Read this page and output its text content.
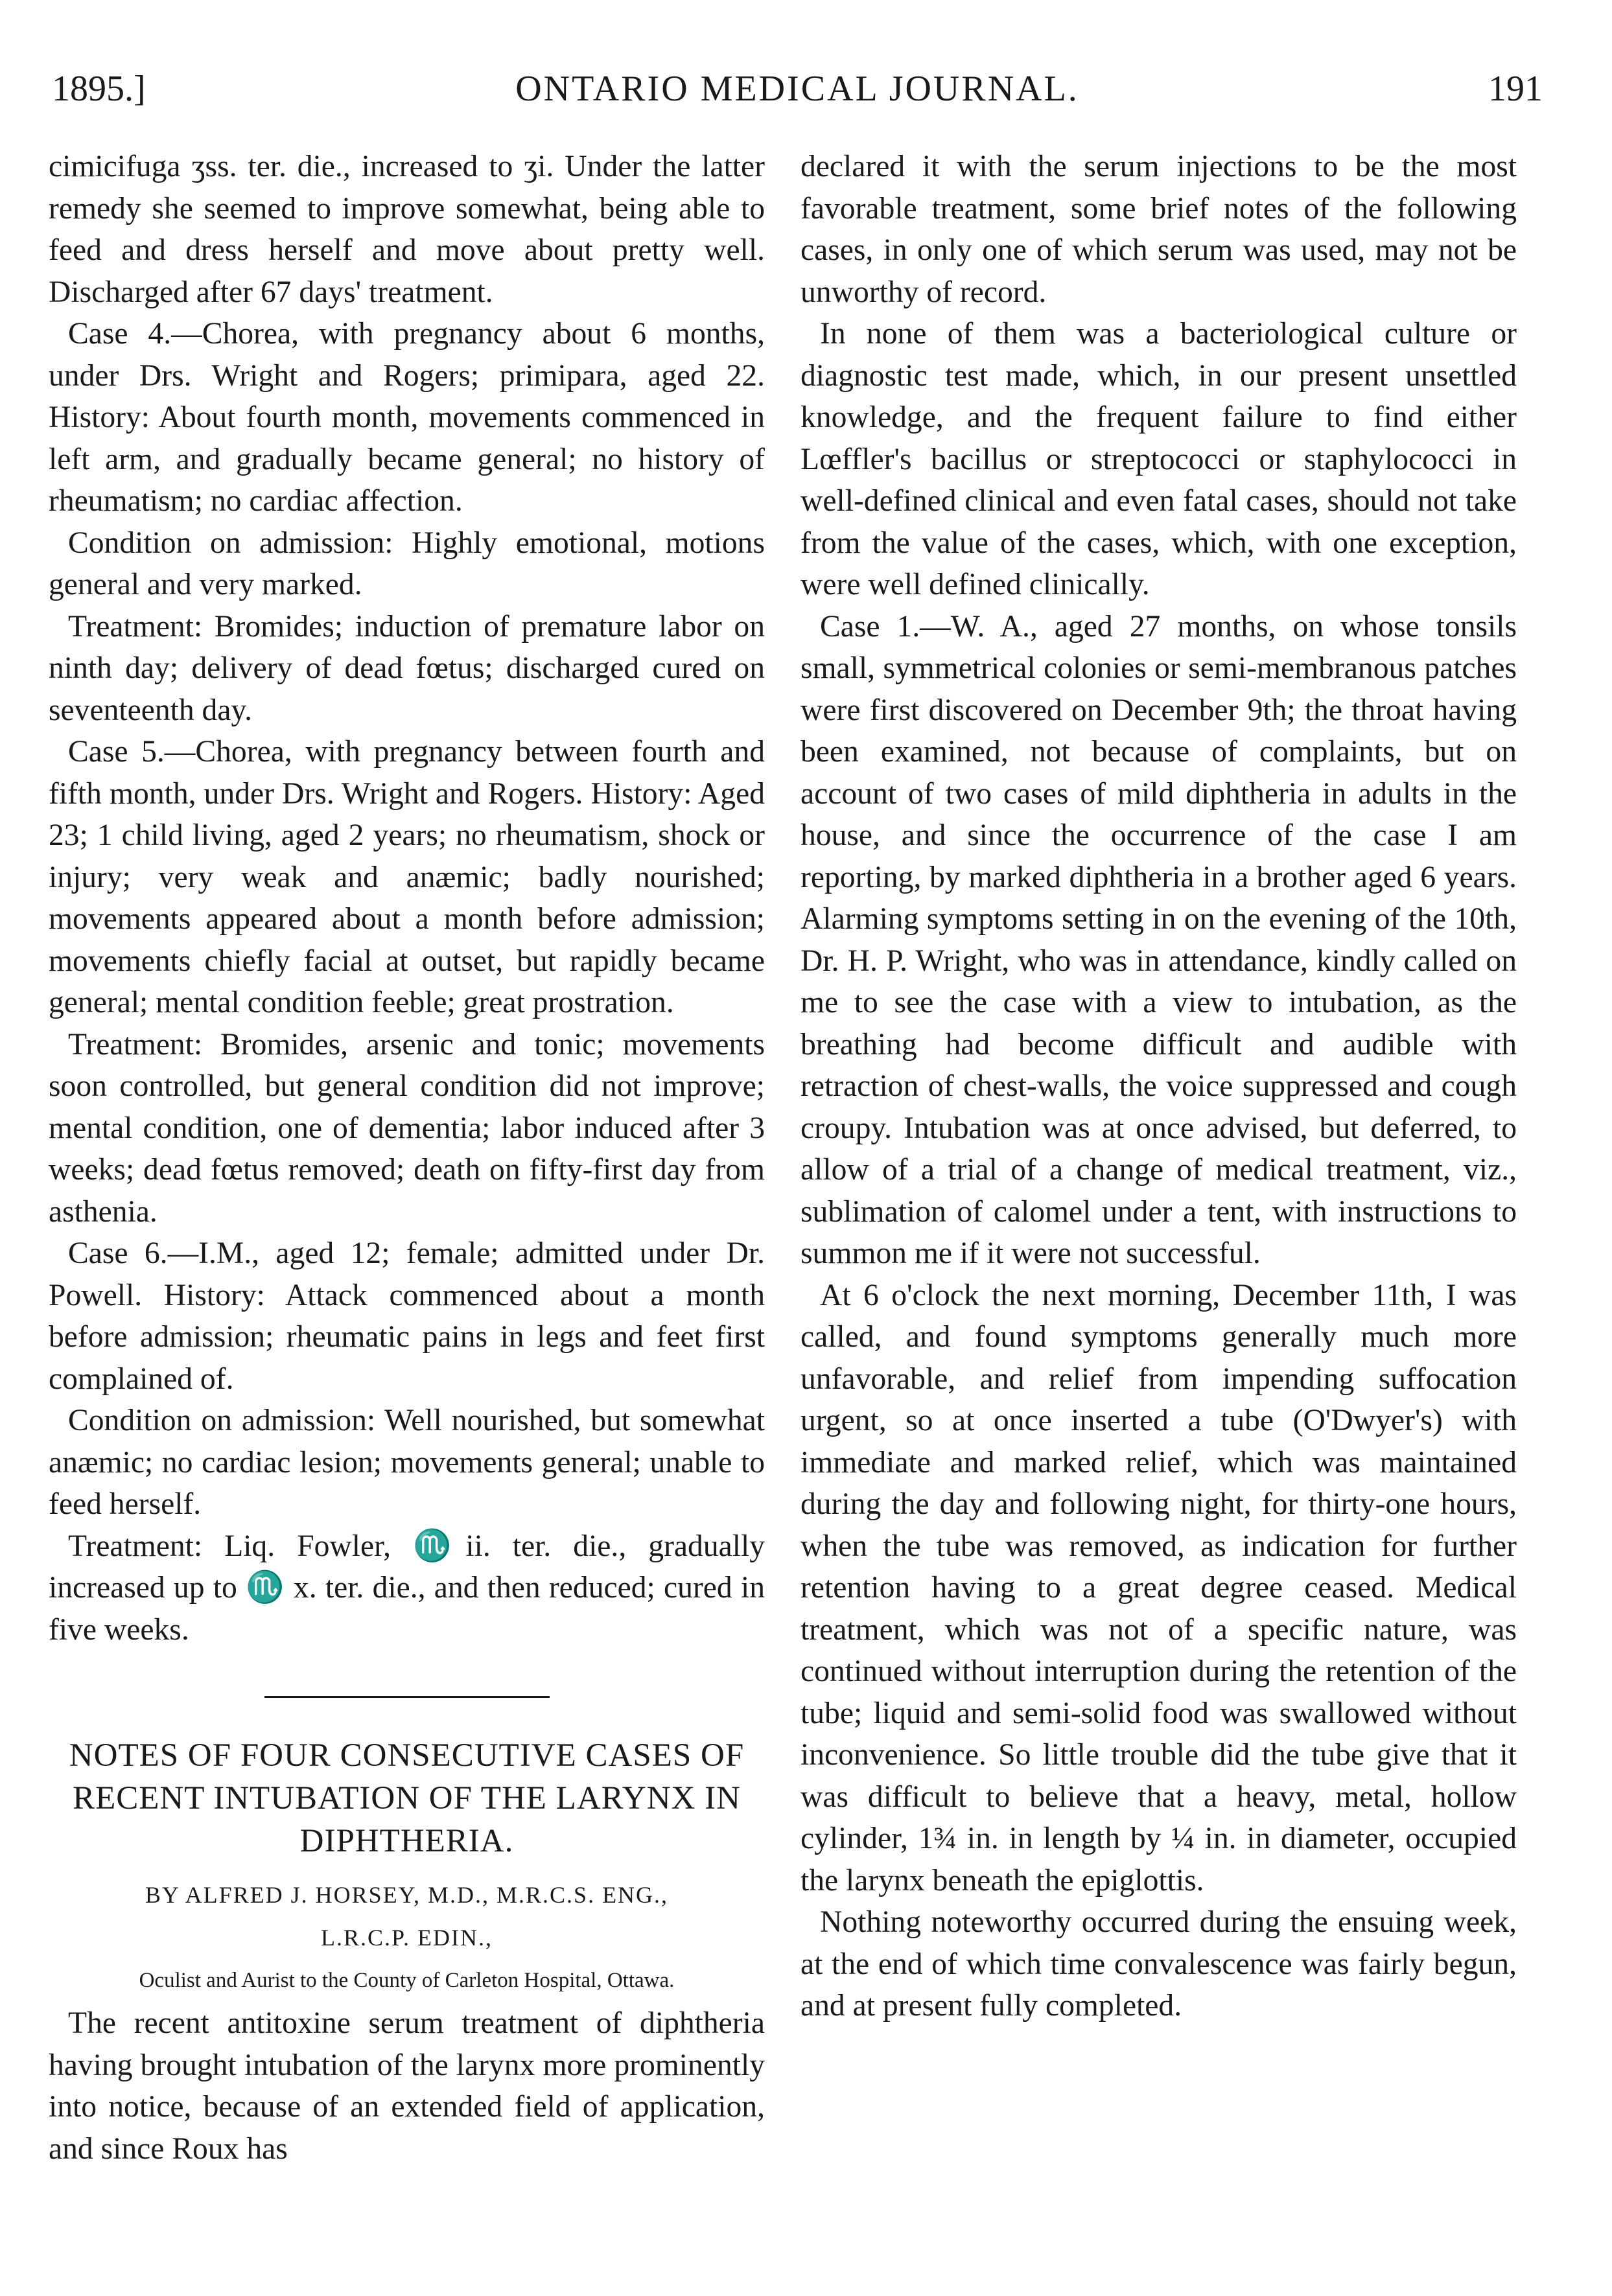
1895.]	ONTARIO MEDICAL JOURNAL.	191

cimicifuga ʒss. ter. die., increased to ʒi. Under the latter remedy she seemed to improve somewhat, being able to feed and dress herself and move about pretty well. Discharged after 67 days' treatment.

Case 4.—Chorea, with pregnancy about 6 months, under Drs. Wright and Rogers; primipara, aged 22. History: About fourth month, movements commenced in left arm, and gradually became general; no history of rheumatism; no cardiac affection.

Condition on admission: Highly emotional, motions general and very marked.

Treatment: Bromides; induction of premature labor on ninth day; delivery of dead fœtus; discharged cured on seventeenth day.

Case 5.—Chorea, with pregnancy between fourth and fifth month, under Drs. Wright and Rogers. History: Aged 23; 1 child living, aged 2 years; no rheumatism, shock or injury; very weak and anæmic; badly nourished; movements appeared about a month before admission; movements chiefly facial at outset, but rapidly became general; mental condition feeble; great prostration.

Treatment: Bromides, arsenic and tonic; movements soon controlled, but general condition did not improve; mental condition, one of dementia; labor induced after 3 weeks; dead fœtus removed; death on fifty-first day from asthenia.

Case 6.—I.M., aged 12; female; admitted under Dr. Powell. History: Attack commenced about a month before admission; rheumatic pains in legs and feet first complained of.

Condition on admission: Well nourished, but somewhat anæmic; no cardiac lesion; movements general; unable to feed herself.

Treatment: Liq. Fowler, ♏ii. ter. die., gradually increased up to ♏ x. ter. die., and then reduced; cured in five weeks.

NOTES OF FOUR CONSECUTIVE CASES OF RECENT INTUBATION OF THE LARYNX IN DIPHTHERIA.
BY ALFRED J. HORSEY, M.D., M.R.C.S. ENG.,
L.R.C.P. EDIN.,
Oculist and Aurist to the County of Carleton Hospital, Ottawa.

The recent antitoxine serum treatment of diphtheria having brought intubation of the larynx more prominently into notice, because of an extended field of application, and since Roux has

declared it with the serum injections to be the most favorable treatment, some brief notes of the following cases, in only one of which serum was used, may not be unworthy of record.

In none of them was a bacteriological culture or diagnostic test made, which, in our present unsettled knowledge, and the frequent failure to find either Lœffler's bacillus or streptococci or staphylococci in well-defined clinical and even fatal cases, should not take from the value of the cases, which, with one exception, were well defined clinically.

Case 1.—W. A., aged 27 months, on whose tonsils small, symmetrical colonies or semi-membranous patches were first discovered on December 9th; the throat having been examined, not because of complaints, but on account of two cases of mild diphtheria in adults in the house, and since the occurrence of the case I am reporting, by marked diphtheria in a brother aged 6 years. Alarming symptoms setting in on the evening of the 10th, Dr. H. P. Wright, who was in attendance, kindly called on me to see the case with a view to intubation, as the breathing had become difficult and audible with retraction of chest-walls, the voice suppressed and cough croupy. Intubation was at once advised, but deferred, to allow of a trial of a change of medical treatment, viz., sublimation of calomel under a tent, with instructions to summon me if it were not successful.

At 6 o'clock the next morning, December 11th, I was called, and found symptoms generally much more unfavorable, and relief from impending suffocation urgent, so at once inserted a tube (O'Dwyer's) with immediate and marked relief, which was maintained during the day and following night, for thirty-one hours, when the tube was removed, as indication for further retention having to a great degree ceased. Medical treatment, which was not of a specific nature, was continued without interruption during the retention of the tube; liquid and semi-solid food was swallowed without inconvenience. So little trouble did the tube give that it was difficult to believe that a heavy, metal, hollow cylinder, 1¾ in. in length by ¼ in. in diameter, occupied the larynx beneath the epiglottis.

Nothing noteworthy occurred during the ensuing week, at the end of which time convalescence was fairly begun, and at present fully completed.
